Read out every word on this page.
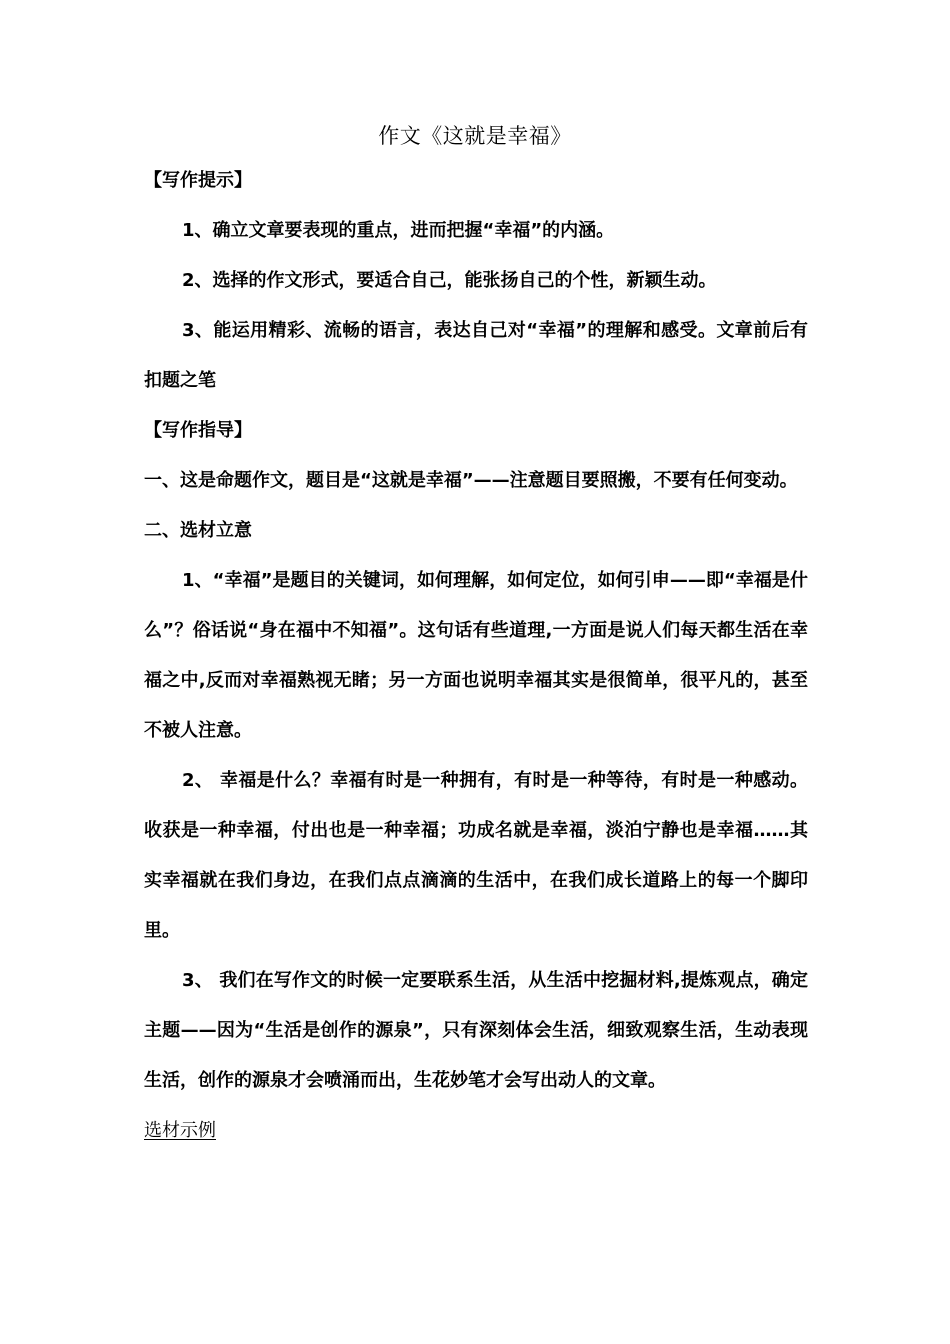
作文《这就是幸福》

【写作提示】

1、确立文章要表现的重点，进而把握“幸福”的内涵。

2、选择的作文形式，要适合自己，能张扬自己的个性，新颖生动。

3、能运用精彩、流畅的语言，表达自己对“幸福”的理解和感受。文章前后有扣题之笔

【写作指导】

一、这是命题作文，题目是“这就是幸福”——注意题目要照搬，不要有任何变动。

二、选材立意

1、“幸福”是题目的关键词，如何理解，如何定位，如何引申——即“幸福是什么”？俗话说“身在福中不知福”。这句话有些道理,一方面是说人们每天都生活在幸福之中,反而对幸福熟视无睹；另一方面也说明幸福其实是很简单，很平凡的，甚至不被人注意。

2、 幸福是什么？幸福有时是一种拥有，有时是一种等待，有时是一种感动。收获是一种幸福，付出也是一种幸福；功成名就是幸福，淡泊宁静也是幸福……其实幸福就在我们身边，在我们点点滴滴的生活中，在我们成长道路上的每一个脚印里。

3、 我们在写作文的时候一定要联系生活，从生活中挖掘材料,提炼观点，确定主题——因为“生活是创作的源泉”，只有深刻体会生活，细致观察生活，生动表现生活，创作的源泉才会喷涌而出，生花妙笔才会写出动人的文章。

选材示例
